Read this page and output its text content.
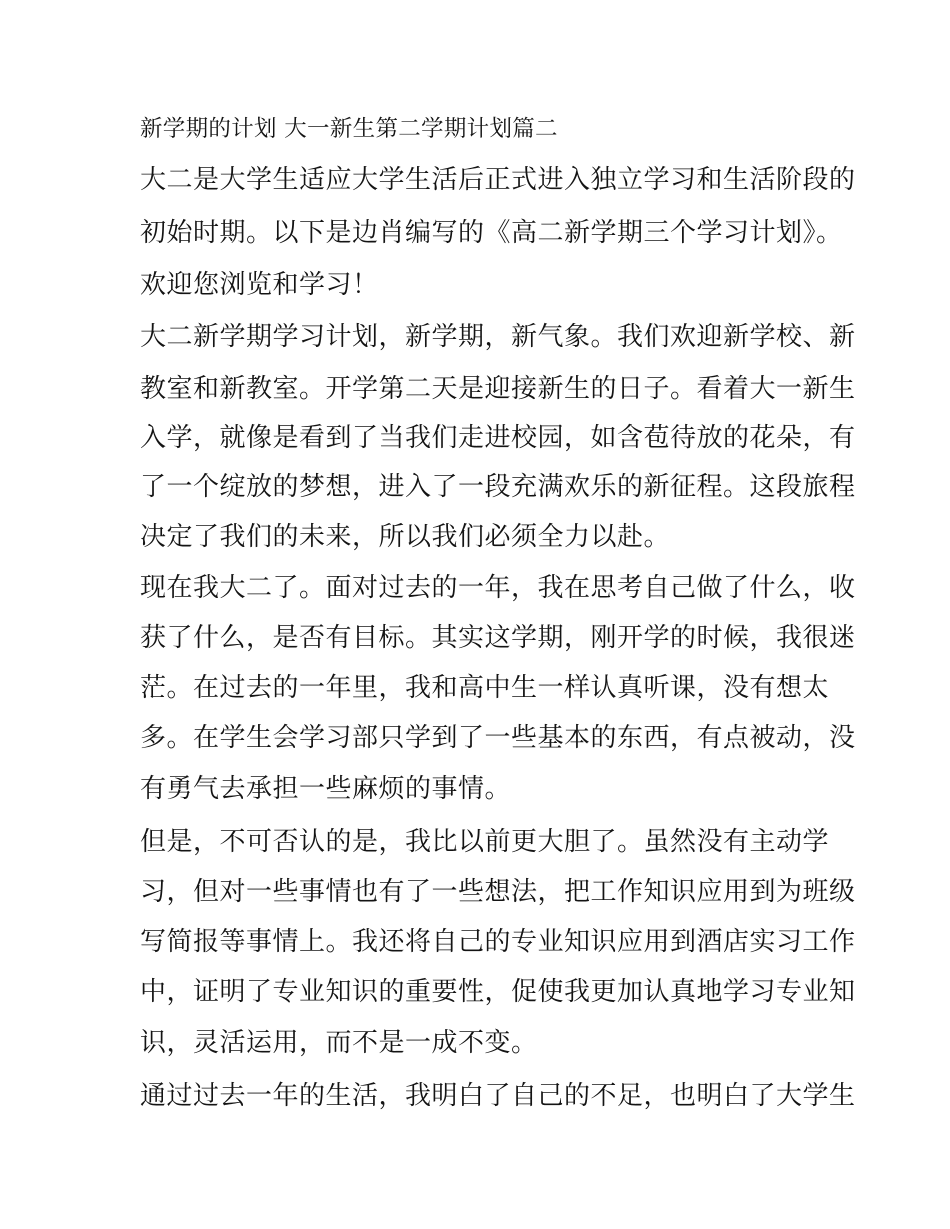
新学期的计划 大一新生第二学期计划篇二

大二是大学生适应大学生活后正式进入独立学习和生活阶段的

初始时期。以下是边肖编写的《高二新学期三个学习计划》。

欢迎您浏览和学习！

大二新学期学习计划，新学期，新气象。我们欢迎新学校、新

教室和新教室。开学第二天是迎接新生的日子。看着大一新生

入学，就像是看到了当我们走进校园，如含苞待放的花朵，有

了一个绽放的梦想，进入了一段充满欢乐的新征程。这段旅程

决定了我们的未来，所以我们必须全力以赴。

现在我大二了。面对过去的一年，我在思考自己做了什么，收

获了什么，是否有目标。其实这学期，刚开学的时候，我很迷

茫。在过去的一年里，我和高中生一样认真听课，没有想太

多。在学生会学习部只学到了一些基本的东西，有点被动，没

有勇气去承担一些麻烦的事情。

但是，不可否认的是，我比以前更大胆了。虽然没有主动学

习，但对一些事情也有了一些想法，把工作知识应用到为班级

写简报等事情上。我还将自己的专业知识应用到酒店实习工作

中，证明了专业知识的重要性，促使我更加认真地学习专业知

识，灵活运用，而不是一成不变。

通过过去一年的生活，我明白了自己的不足，也明白了大学生
